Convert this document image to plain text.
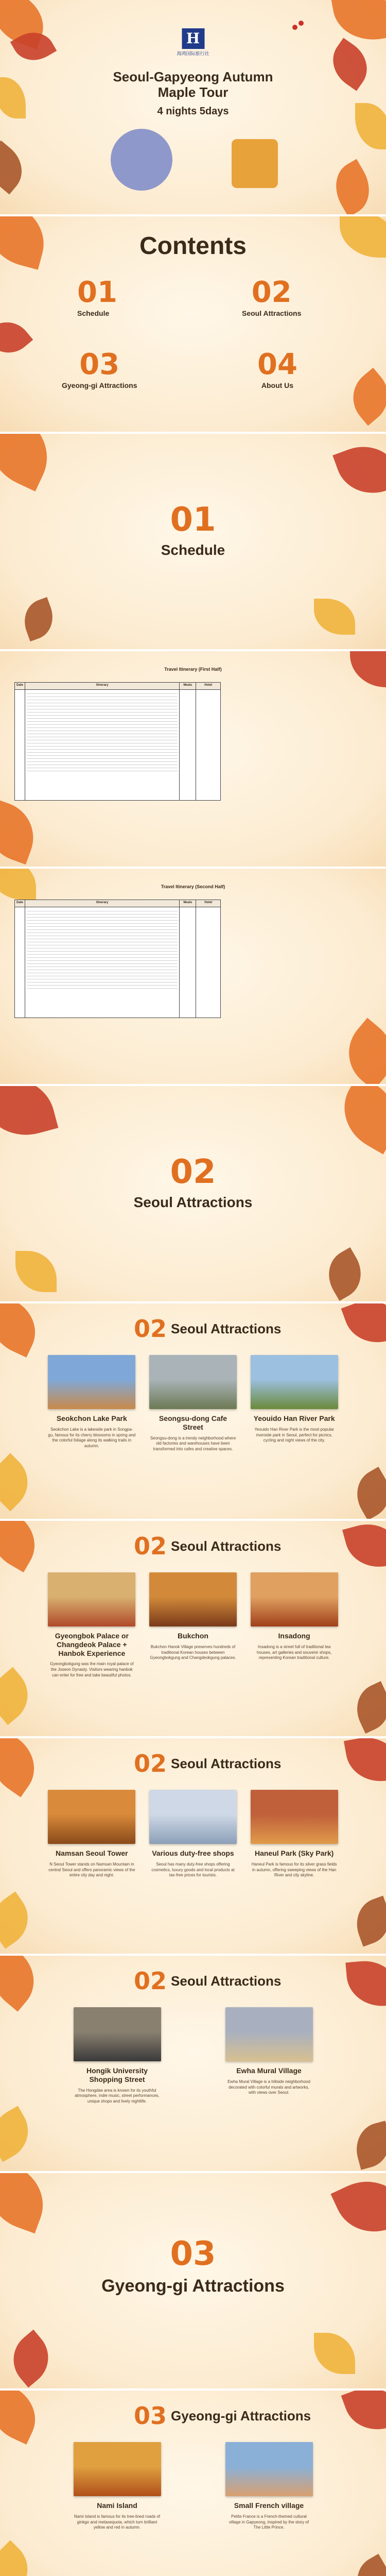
H
海鸿国际旅行社
Seoul-Gapyeong Autumn
Maple Tour
4 nights 5days
Contents
01
Schedule
02
Seoul Attractions
03
Gyeong-gi Attractions
04
About Us
01
Schedule
Travel Itinerary (First Half)
Date	Itinerary	Meals	Hotel

Travel Itinerary (Second Half)
Date	Itinerary	Meals	Hotel

02
Seoul Attractions
02 Seoul Attractions
Seokchon Lake Park

Seokchon Lake is a lakeside park in Songpa-gu, famous for its cherry blossoms in spring and the colorful foliage along its walking trails in autumn.

Seongsu-dong Cafe Street

Seongsu-dong is a trendy neighborhood where old factories and warehouses have been transformed into cafes and creative spaces.

Yeouido Han River Park

Yeouido Han River Park is the most popular riverside park in Seoul, perfect for picnics, cycling and night views of the city.

02 Seoul Attractions
Gyeongbok Palace or Changdeok Palace + Hanbok Experience

Gyeongbokgung was the main royal palace of the Joseon Dynasty. Visitors wearing hanbok can enter for free and take beautiful photos.

Bukchon

Bukchon Hanok Village preserves hundreds of traditional Korean houses between Gyeongbokgung and Changdeokgung palaces.

Insadong

Insadong is a street full of traditional tea houses, art galleries and souvenir shops, representing Korean traditional culture.

02 Seoul Attractions
Namsan Seoul Tower

N Seoul Tower stands on Namsan Mountain in central Seoul and offers panoramic views of the entire city day and night.

Various duty-free shops

Seoul has many duty-free shops offering cosmetics, luxury goods and local products at tax-free prices for tourists.

Haneul Park (Sky Park)

Haneul Park is famous for its silver grass fields in autumn, offering sweeping views of the Han River and city skyline.

02 Seoul Attractions
Hongik University Shopping Street

The Hongdae area is known for its youthful atmosphere, indie music, street performances, unique shops and lively nightlife.

Ewha Mural Village

Ewha Mural Village is a hillside neighborhood decorated with colorful murals and artworks, with views over Seoul.

03
Gyeong-gi Attractions
03 Gyeong-gi Attractions
Nami Island

Nami Island is famous for its tree-lined roads of ginkgo and metasequoia, which turn brilliant yellow and red in autumn.

Small French village

Petite France is a French-themed cultural village in Gapyeong, inspired by the story of The Little Prince.
